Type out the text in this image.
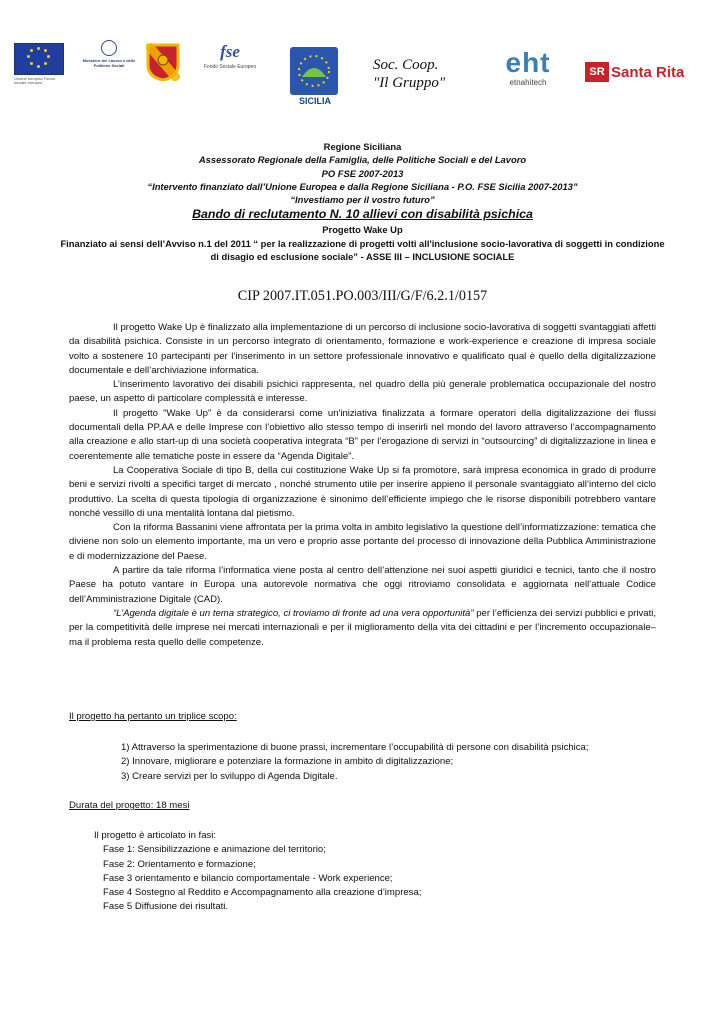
Unione europea Fondo sociale europeo
Ministero del Lavoro e delle Politiche Sociali
fse
Fondo Sociale Europeo
SICILIA
Soc. Coop.
"Il Gruppo"
eht
etnahitech
SR Santa Rita
Regione Siciliana
Assessorato Regionale della Famiglia, delle Politiche Sociali e del Lavoro
PO FSE 2007-2013
“Intervento finanziato dall’Unione Europea e dalla Regione Siciliana - P.O. FSE Sicilia 2007-2013”
“Investiamo per il vostro futuro”
Bando di reclutamento N. 10 allievi con disabilità psichica
Progetto Wake Up
Finanziato ai sensi dell’Avviso n.1 del 2011 “ per la realizzazione di progetti volti all'inclusione socio-lavorativa di soggetti in condizione di disagio ed esclusione sociale” - ASSE III – INCLUSIONE SOCIALE
CIP 2007.IT.051.PO.003/III/G/F/6.2.1/0157

Il progetto Wake Up è finalizzato alla implementazione di un percorso di inclusione socio-lavorativa di soggetti svantaggiati affetti da disabilità psichica. Consiste in un percorso integrato di orientamento, formazione e work-experience e creazione di impresa sociale volto a sostenere 10 partecipanti per l’inserimento in un settore professionale innovativo e qualificato qual è quello della digitalizzazione documentale e dell’archiviazione informatica.

L’inserimento lavorativo dei disabili psichici rappresenta, nel quadro della più generale problematica occupazionale del nostro paese, un aspetto di particolare complessità e interesse.

Il progetto "Wake Up" è da considerarsi come un'iniziativa finalizzata a formare operatori della digitalizzazione dei flussi documentali della PP.AA e delle Imprese con l’obiettivo allo stesso tempo di inserirli nel mondo del lavoro attraverso l’accompagnamento alla creazione e allo start-up di una società cooperativa integrata “B” per l’erogazione di servizi in “outsourcing” di digitalizzazione in linea e coerentemente alle tematiche poste in essere da “Agenda Digitale”.

La Cooperativa Sociale di tipo B, della cui costituzione Wake Up si fa promotore, sarà impresa economica in grado di produrre beni e servizi rivolti a specifici target di mercato , nonché strumento utile per inserire appieno il personale svantaggiato all’interno del ciclo produttivo. La scelta di questa tipologia di organizzazione è sinonimo dell’efficiente impiego che le risorse disponibili potrebbero vantare nonché vessillo di una mentalità lontana dal pietismo.

Con la riforma Bassanini viene affrontata per la prima volta in ambito legislativo la questione dell’informatizzazione: tematica che diviene non solo un elemento importante, ma un vero e proprio asse portante del processo di innovazione della Pubblica Amministrazione e di modernizzazione del Paese.

A partire da tale riforma l’informatica viene posta al centro dell’attenzione nei suoi aspetti giuridici e tecnici, tanto che il nostro Paese ha potuto vantare in Europa una autorevole normativa che oggi ritroviamo consolidata e aggiornata nell’attuale Codice dell’Amministrazione Digitale (CAD).

“L’Agenda digitale è un tema strategico, ci troviamo di fronte ad una vera opportunità” per l’efficienza dei servizi pubblici e privati, per la competitività delle imprese nei mercati internazionali e per il miglioramento della vita dei cittadini e per l’incremento occupazionale– ma il problema resta quello delle competenze.

Il progetto ha pertanto un triplice scopo:
1) Attraverso la sperimentazione di buone prassi, incrementare l’occupabilità di persone con disabilità psichica;
2) Innovare, migliorare e potenziare la formazione in ambito di digitalizzazione;
3) Creare servizi per lo sviluppo di Agenda Digitale.
Durata del progetto: 18 mesi
Il progetto è articolato in fasi:
Fase 1: Sensibilizzazione e animazione del territorio;
Fase 2: Orientamento e formazione;
Fase 3 orientamento e bilancio comportamentale - Work experience;
Fase 4 Sostegno al Reddito e Accompagnamento alla creazione d’impresa;
Fase 5 Diffusione dei risultati.
